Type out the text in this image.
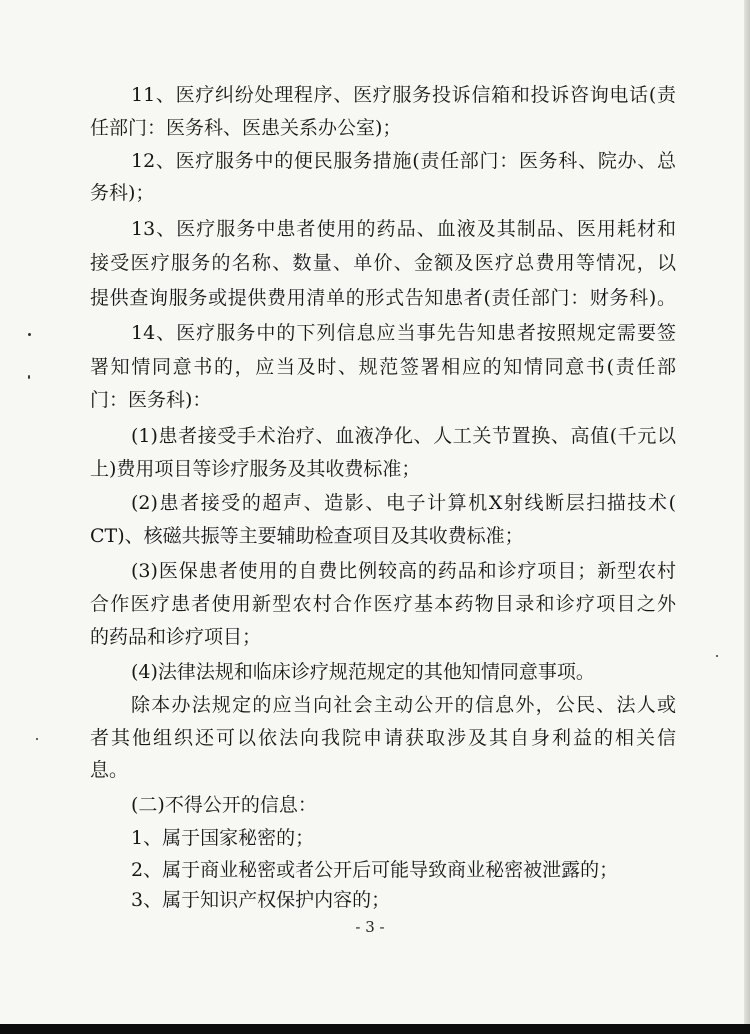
11、医疗纠纷处理程序、医疗服务投诉信箱和投诉咨询电话(责
任部门：医务科、医患关系办公室)；
12、医疗服务中的便民服务措施(责任部门：医务科、院办、总
务科)；
13、医疗服务中患者使用的药品、血液及其制品、医用耗材和
接受医疗服务的名称、数量、单价、金额及医疗总费用等情况，以
提供查询服务或提供费用清单的形式告知患者(责任部门：财务科)。
14、医疗服务中的下列信息应当事先告知患者按照规定需要签
署知情同意书的，应当及时、规范签署相应的知情同意书(责任部
门：医务科)：
(1)患者接受手术治疗、血液净化、人工关节置换、高值(千元以
上)费用项目等诊疗服务及其收费标准；
(2)患者接受的超声、造影、电子计算机X射线断层扫描技术(
CT)、核磁共振等主要辅助检查项目及其收费标准；
(3)医保患者使用的自费比例较高的药品和诊疗项目；新型农村
合作医疗患者使用新型农村合作医疗基本药物目录和诊疗项目之外
的药品和诊疗项目；
(4)法律法规和临床诊疗规范规定的其他知情同意事项。
除本办法规定的应当向社会主动公开的信息外，公民、法人或
者其他组织还可以依法向我院申请获取涉及其自身利益的相关信
息。
(二)不得公开的信息：
1、属于国家秘密的；
2、属于商业秘密或者公开后可能导致商业秘密被泄露的；
3、属于知识产权保护内容的；
- 3 -
